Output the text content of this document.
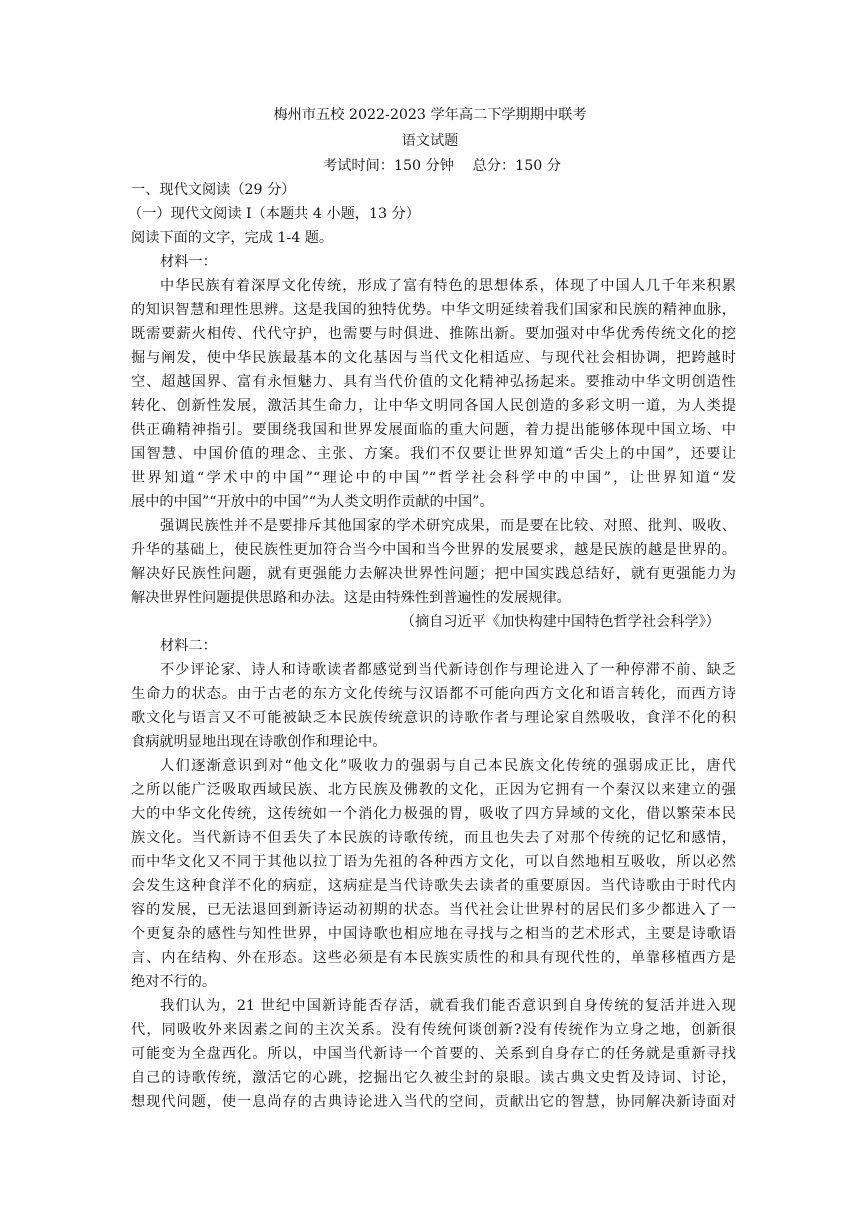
梅州市五校 2022-2023 学年高二下学期期中联考
语文试题
考试时间：150 分钟　 总分：150 分
一、现代文阅读（29 分）
（一）现代文阅读 I（本题共 4 小题，13 分）
阅读下面的文字，完成 1-4 题。
材料一：
中华民族有着深厚文化传统，形成了富有特色的思想体系，体现了中国人几千年来积累
的知识智慧和理性思辨。这是我国的独特优势。中华文明延续着我们国家和民族的精神血脉，
既需要薪火相传、代代守护，也需要与时俱进、推陈出新。要加强对中华优秀传统文化的挖
掘与阐发，使中华民族最基本的文化基因与当代文化相适应、与现代社会相协调，把跨越时
空、超越国界、富有永恒魅力、具有当代价值的文化精神弘扬起来。要推动中华文明创造性
转化、创新性发展，激活其生命力，让中华文明同各国人民创造的多彩文明一道，为人类提
供正确精神指引。要围绕我国和世界发展面临的重大问题，着力提出能够体现中国立场、中
国智慧、中国价值的理念、主张、方案。我们不仅要让世界知道“舌尖上的中国”，还要让
世界知道“学术中的中国”“理论中的中国”“哲学社会科学中的中国”，让世界知道“发
展中的中国”“开放中的中国”“为人类文明作贡献的中国”。
强调民族性并不是要排斥其他国家的学术研究成果，而是要在比较、对照、批判、吸收、
升华的基础上，使民族性更加符合当今中国和当今世界的发展要求，越是民族的越是世界的。
解决好民族性问题，就有更强能力去解决世界性问题；把中国实践总结好，就有更强能力为
解决世界性问题提供思路和办法。这是由特殊性到普遍性的发展规律。
（摘自习近平《加快构建中国特色哲学社会科学》）
材料二：
不少评论家、诗人和诗歌读者都感觉到当代新诗创作与理论进入了一种停滞不前、缺乏
生命力的状态。由于古老的东方文化传统与汉语都不可能向西方文化和语言转化，而西方诗
歌文化与语言又不可能被缺乏本民族传统意识的诗歌作者与理论家自然吸收，食洋不化的积
食病就明显地出现在诗歌创作和理论中。
人们逐渐意识到对“他文化”吸收力的强弱与自己本民族文化传统的强弱成正比，唐代
之所以能广泛吸取西域民族、北方民族及佛教的文化，正因为它拥有一个秦汉以来建立的强
大的中华文化传统，这传统如一个消化力极强的胃，吸收了四方异域的文化，借以繁荣本民
族文化。当代新诗不但丢失了本民族的诗歌传统，而且也失去了对那个传统的记忆和感情，
而中华文化又不同于其他以拉丁语为先祖的各种西方文化，可以自然地相互吸收，所以必然
会发生这种食洋不化的病症，这病症是当代诗歌失去读者的重要原因。当代诗歌由于时代内
容的发展，已无法退回到新诗运动初期的状态。当代社会让世界村的居民们多少都进入了一
个更复杂的感性与知性世界，中国诗歌也相应地在寻找与之相当的艺术形式，主要是诗歌语
言、内在结构、外在形态。这些必须是有本民族实质性的和具有现代性的，单靠移植西方是
绝对不行的。
我们认为，21 世纪中国新诗能否存活，就看我们能否意识到自身传统的复活并进入现
代，同吸收外来因素之间的主次关系。没有传统何谈创新?没有传统作为立身之地，创新很
可能变为全盘西化。所以，中国当代新诗一个首要的、关系到自身存亡的任务就是重新寻找
自己的诗歌传统，激活它的心跳，挖掘出它久被尘封的泉眼。读古典文史哲及诗词、讨论，
想现代问题，使一息尚存的古典诗论进入当代的空间，贡献出它的智慧，协同解决新诗面对
